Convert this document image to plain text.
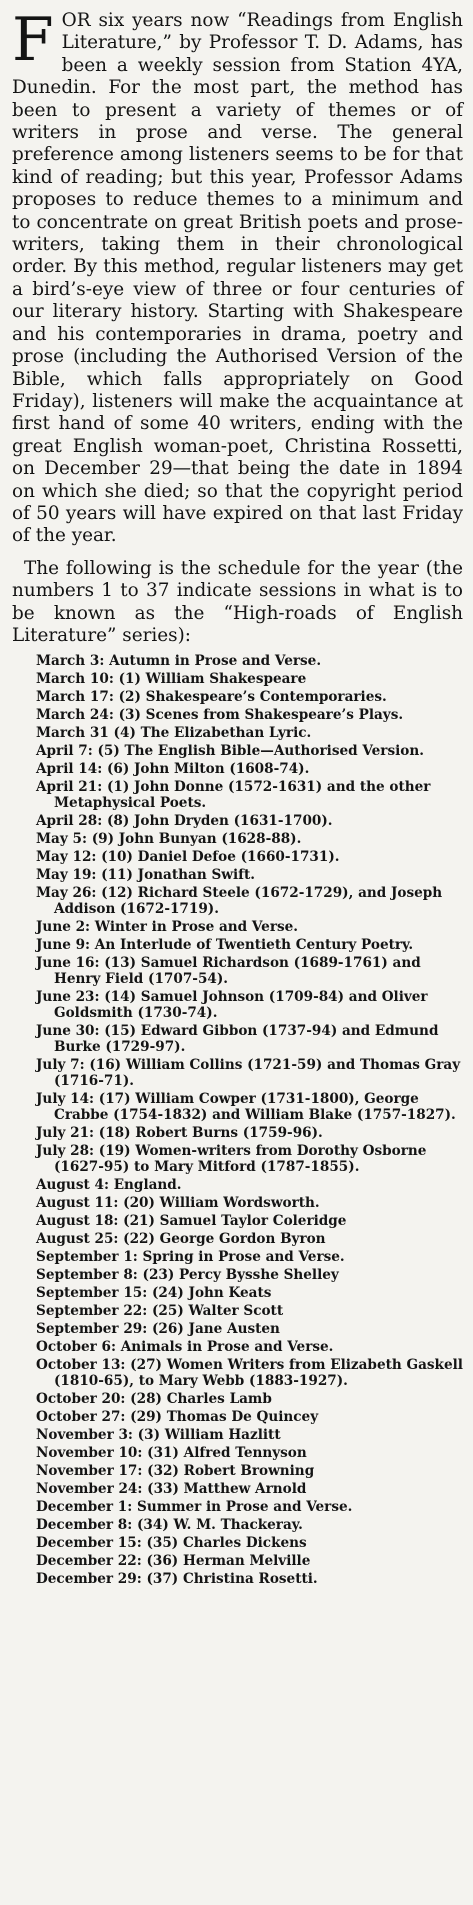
FOR six years now “Readings from English Literature,” by Professor T. D. Adams, has been a weekly session from Station 4YA, Dunedin. For the most part, the method has been to present a variety of themes or of writers in prose and verse. The general preference among listeners seems to be for that kind of reading; but this year, Professor Adams proposes to reduce themes to a minimum and to concentrate on great British poets and prose-writers, taking them in their chronological order. By this method, regular listeners may get a bird’s-eye view of three or four centuries of our literary history. Starting with Shakespeare and his contemporaries in drama, poetry and prose (including the Authorised Version of the Bible, which falls appropriately on Good Friday), listeners will make the acquaintance at first hand of some 40 writers, ending with the great English woman-poet, Christina Rossetti, on December 29—that being the date in 1894 on which she died; so that the copyright period of 50 years will have expired on that last Friday of the year.

The following is the schedule for the year (the numbers 1 to 37 indicate sessions in what is to be known as the “High-roads of English Literature” series):

March 3: Autumn in Prose and Verse.
March 10: (1) William Shakespeare
March 17: (2) Shakespeare’s Contemporaries.
March 24: (3) Scenes from Shakespeare’s Plays.
March 31 (4) The Elizabethan Lyric.
April 7: (5) The English Bible—Authorised Version.
April 14: (6) John Milton (1608-74).
April 21: (1) John Donne (1572-1631) and the other Metaphysical Poets.
April 28: (8) John Dryden (1631-1700).
May 5: (9) John Bunyan (1628-88).
May 12: (10) Daniel Defoe (1660-1731).
May 19: (11) Jonathan Swift.
May 26: (12) Richard Steele (1672-1729), and Joseph Addison (1672-1719).
June 2: Winter in Prose and Verse.
June 9: An Interlude of Twentieth Century Poetry.
June 16: (13) Samuel Richardson (1689-1761) and Henry Field (1707-54).
June 23: (14) Samuel Johnson (1709-84) and Oliver Goldsmith (1730-74).
June 30: (15) Edward Gibbon (1737-94) and Edmund Burke (1729-97).
July 7: (16) William Collins (1721-59) and Thomas Gray (1716-71).
July 14: (17) William Cowper (1731-1800), George Crabbe (1754-1832) and William Blake (1757-1827).
July 21: (18) Robert Burns (1759-96).
July 28: (19) Women-writers from Dorothy Osborne (1627-95) to Mary Mitford (1787-1855).
August 4: England.
August 11: (20) William Wordsworth.
August 18: (21) Samuel Taylor Coleridge
August 25: (22) George Gordon Byron
September 1: Spring in Prose and Verse.
September 8: (23) Percy Bysshe Shelley
September 15: (24) John Keats
September 22: (25) Walter Scott
September 29: (26) Jane Austen
October 6: Animals in Prose and Verse.
October 13: (27) Women Writers from Elizabeth Gaskell (1810-65), to Mary Webb (1883-1927).
October 20: (28) Charles Lamb
October 27: (29) Thomas De Quincey
November 3: (3) William Hazlitt
November 10: (31) Alfred Tennyson
November 17: (32) Robert Browning
November 24: (33) Matthew Arnold
December 1: Summer in Prose and Verse.
December 8: (34) W. M. Thackeray.
December 15: (35) Charles Dickens
December 22: (36) Herman Melville
December 29: (37) Christina Rosetti.
